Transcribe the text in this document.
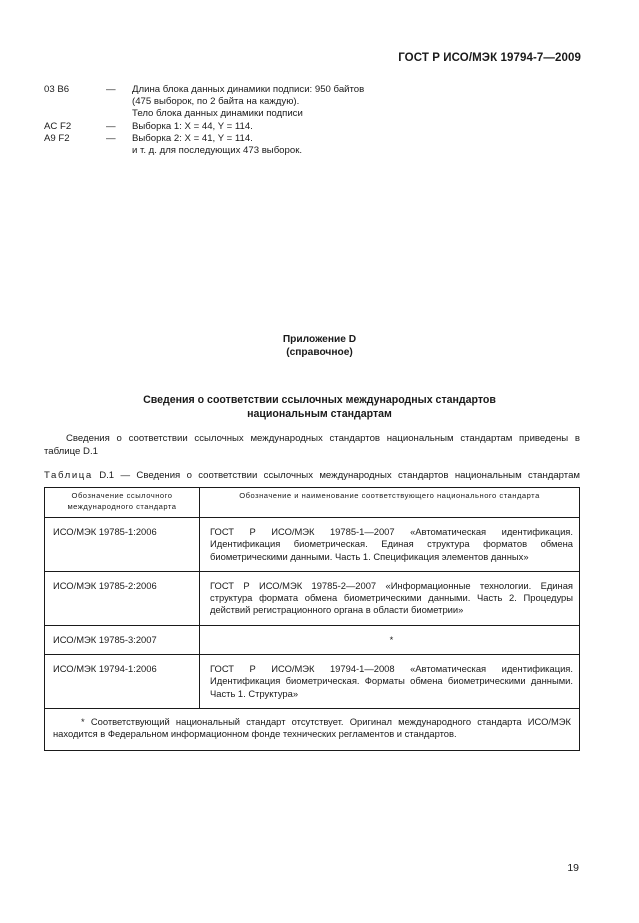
ГОСТ Р ИСО/МЭК 19794-7—2009
03 B6	—	Длина блока данных динамики подписи: 950 байтов
(475 выборок, по 2 байта на каждую).
Тело блока данных динамики подписи
AC F2	—	Выборка 1: X = 44, Y = 114.
A9 F2	—	Выборка 2: X = 41, Y = 114.
и т. д. для последующих 473 выборок.
Приложение D
(справочное)
Сведения о соответствии ссылочных международных стандартов
национальным стандартам
Сведения о соответствии ссылочных международных стандартов национальным стандартам приведены в таблице D.1
Таблица D.1 — Сведения о соответствии ссылочных международных стандартов национальным стандартам
Обозначение ссылочного международного стандарта	Обозначение и наименование соответствующего национального стандарта
ИСО/МЭК 19785-1:2006	ГОСТ Р ИСО/МЭК 19785-1—2007 «Автоматическая идентификация. Идентификация биометрическая. Единая структура форматов обмена биометрическими данными. Часть 1. Спецификация элементов данных»
ИСО/МЭК 19785-2:2006	ГОСТ Р ИСО/МЭК 19785-2—2007 «Информационные технологии. Единая структура формата обмена биометрическими данными. Часть 2. Процедуры действий регистрационного органа в области биометрии»
ИСО/МЭК 19785-3:2007	*
ИСО/МЭК 19794-1:2006	ГОСТ Р ИСО/МЭК 19794-1—2008 «Автоматическая идентификация. Идентификация биометрическая. Форматы обмена биометрическими данными. Часть 1. Структура»
* Соответствующий национальный стандарт отсутствует. Оригинал международного стандарта ИСО/МЭК находится в Федеральном информационном фонде технических регламентов и стандартов.	
19
